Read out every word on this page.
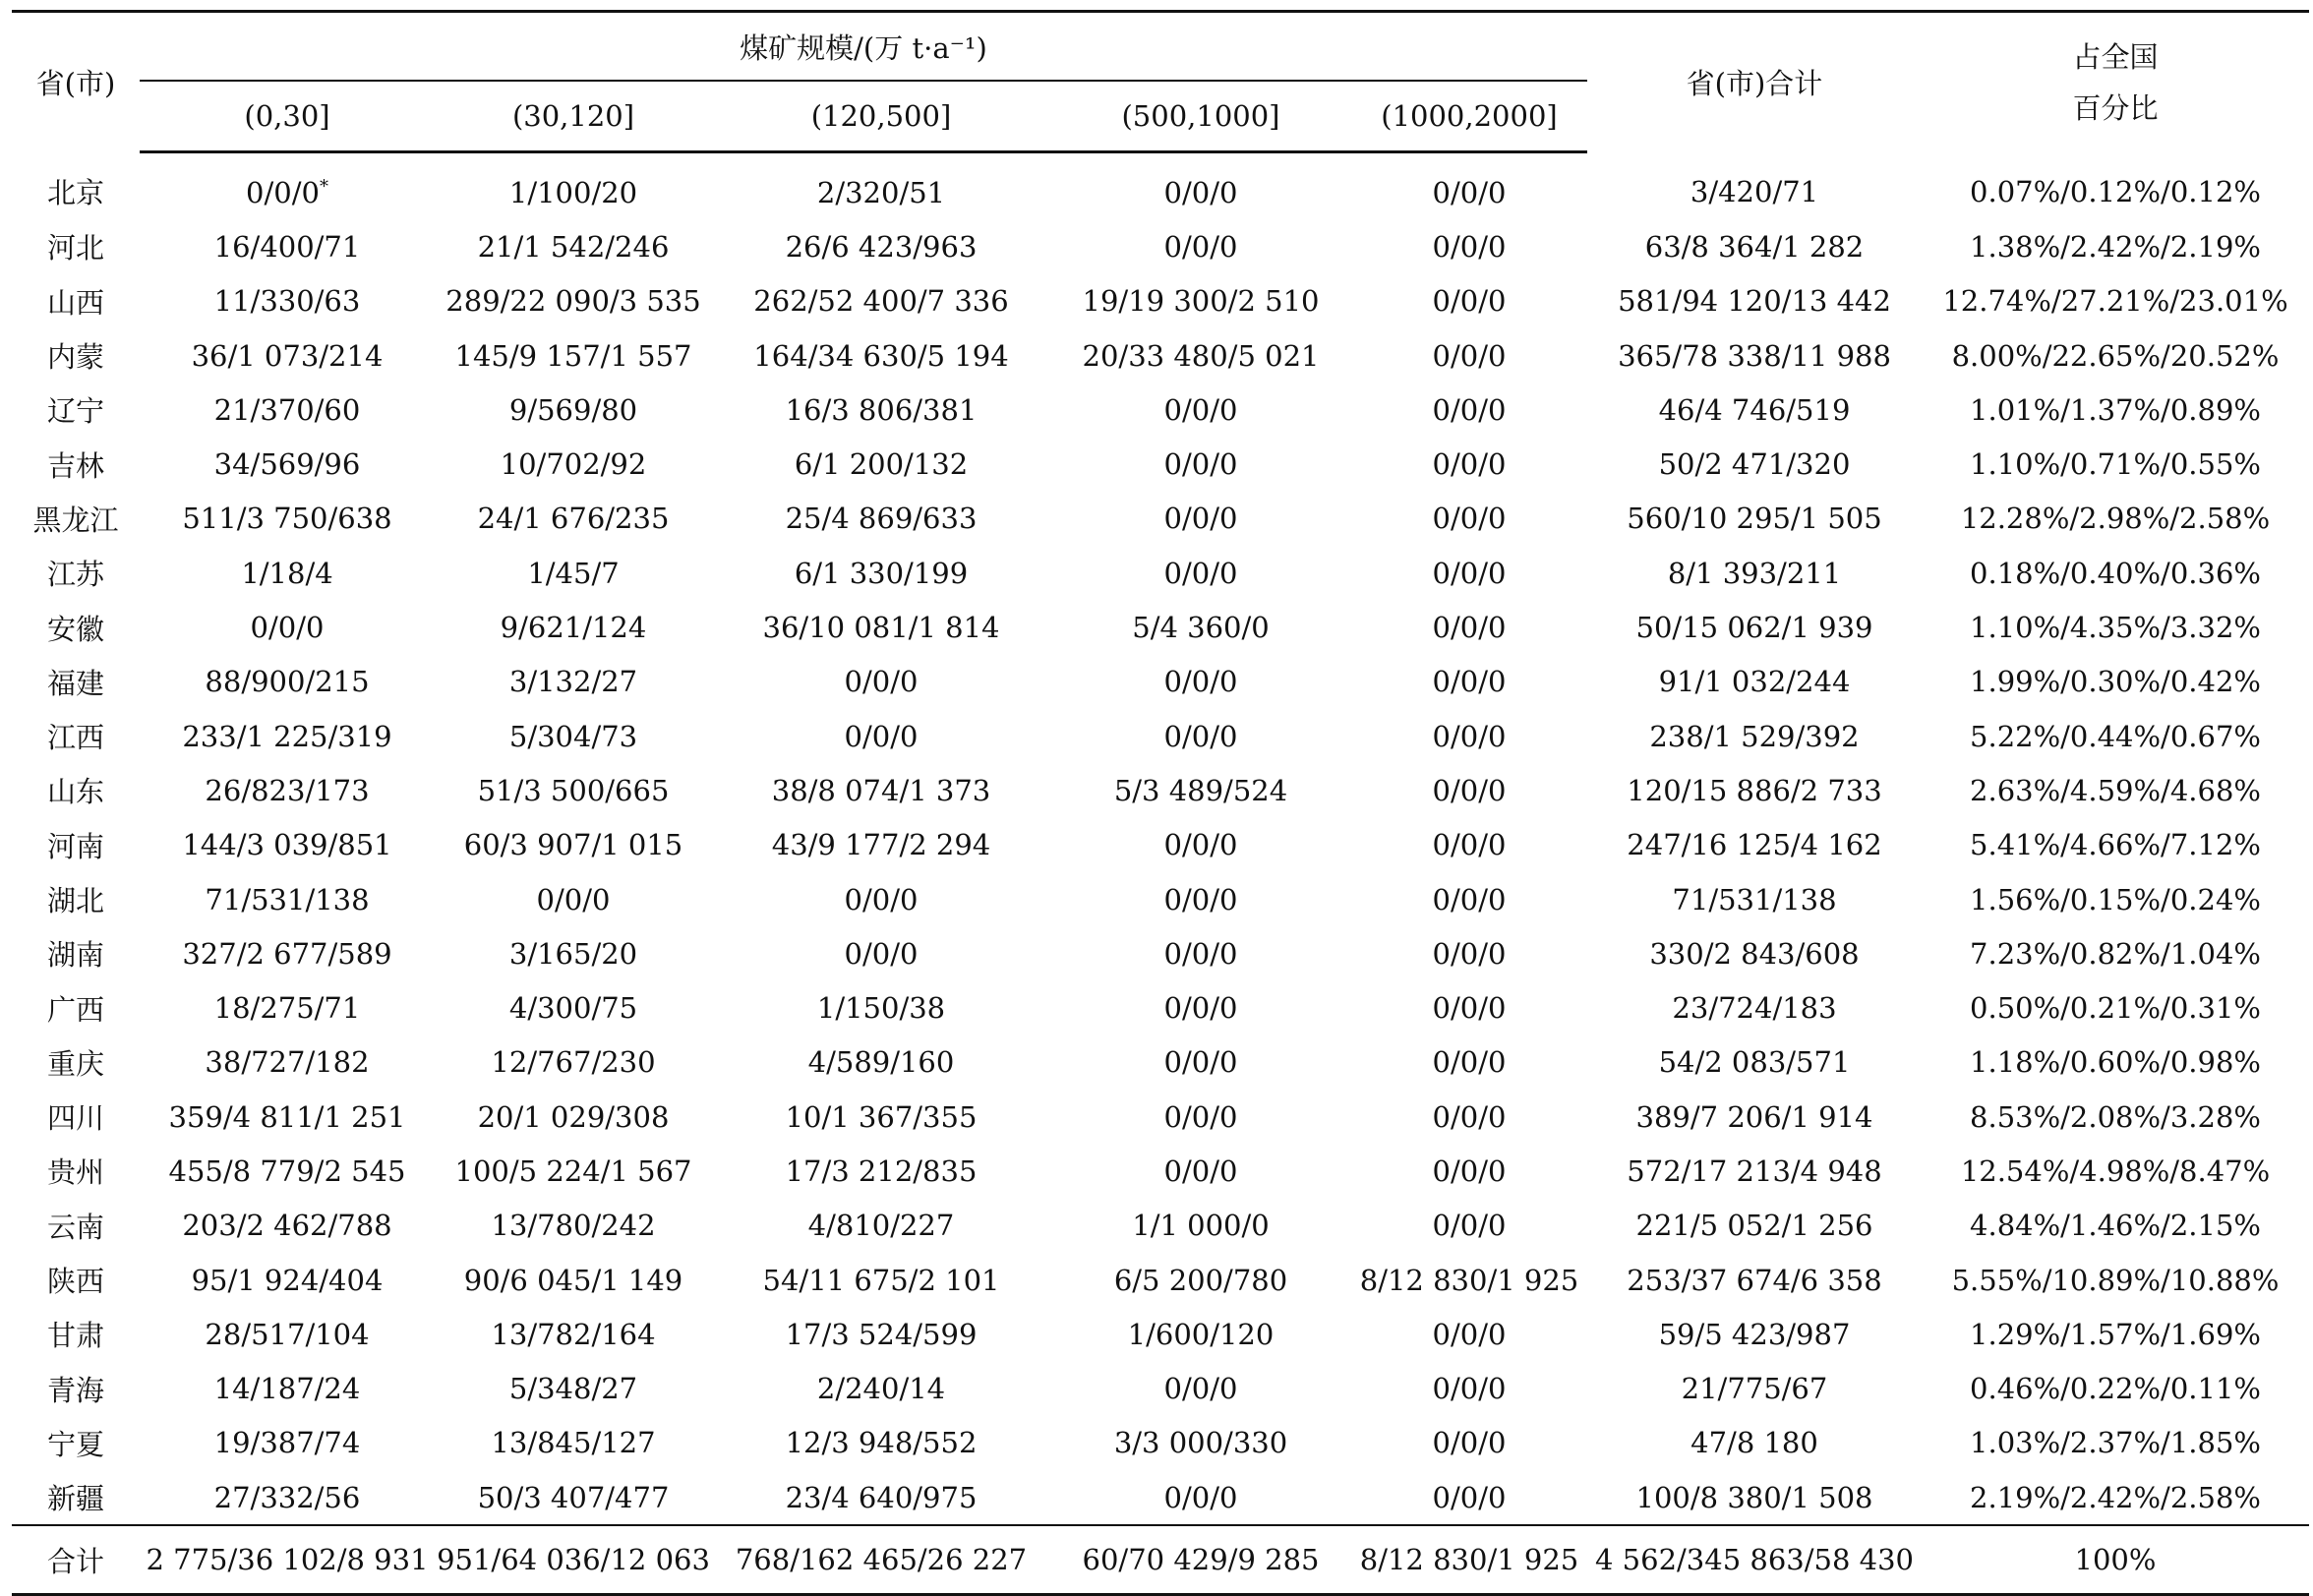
省(市)	煤矿规模/(万 t·a⁻¹)					省(市)合计	占全国
百分比

	(0,30]	(30,120]	(120,500]	(500,1000]	(1000,2000]		
北京	0/0/0*	1/100/20	2/320/51	0/0/0	0/0/0	3/420/71	0.07%/0.12%/0.12%
河北	16/400/71	21/1 542/246	26/6 423/963	0/0/0	0/0/0	63/8 364/1 282	1.38%/2.42%/2.19%
山西	11/330/63	289/22 090/3 535	262/52 400/7 336	19/19 300/2 510	0/0/0	581/94 120/13 442	12.74%/27.21%/23.01%
内蒙	36/1 073/214	145/9 157/1 557	164/34 630/5 194	20/33 480/5 021	0/0/0	365/78 338/11 988	8.00%/22.65%/20.52%
辽宁	21/370/60	9/569/80	16/3 806/381	0/0/0	0/0/0	46/4 746/519	1.01%/1.37%/0.89%
吉林	34/569/96	10/702/92	6/1 200/132	0/0/0	0/0/0	50/2 471/320	1.10%/0.71%/0.55%
黑龙江	511/3 750/638	24/1 676/235	25/4 869/633	0/0/0	0/0/0	560/10 295/1 505	12.28%/2.98%/2.58%
江苏	1/18/4	1/45/7	6/1 330/199	0/0/0	0/0/0	8/1 393/211	0.18%/0.40%/0.36%
安徽	0/0/0	9/621/124	36/10 081/1 814	5/4 360/0	0/0/0	50/15 062/1 939	1.10%/4.35%/3.32%
福建	88/900/215	3/132/27	0/0/0	0/0/0	0/0/0	91/1 032/244	1.99%/0.30%/0.42%
江西	233/1 225/319	5/304/73	0/0/0	0/0/0	0/0/0	238/1 529/392	5.22%/0.44%/0.67%
山东	26/823/173	51/3 500/665	38/8 074/1 373	5/3 489/524	0/0/0	120/15 886/2 733	2.63%/4.59%/4.68%
河南	144/3 039/851	60/3 907/1 015	43/9 177/2 294	0/0/0	0/0/0	247/16 125/4 162	5.41%/4.66%/7.12%
湖北	71/531/138	0/0/0	0/0/0	0/0/0	0/0/0	71/531/138	1.56%/0.15%/0.24%
湖南	327/2 677/589	3/165/20	0/0/0	0/0/0	0/0/0	330/2 843/608	7.23%/0.82%/1.04%
广西	18/275/71	4/300/75	1/150/38	0/0/0	0/0/0	23/724/183	0.50%/0.21%/0.31%
重庆	38/727/182	12/767/230	4/589/160	0/0/0	0/0/0	54/2 083/571	1.18%/0.60%/0.98%
四川	359/4 811/1 251	20/1 029/308	10/1 367/355	0/0/0	0/0/0	389/7 206/1 914	8.53%/2.08%/3.28%
贵州	455/8 779/2 545	100/5 224/1 567	17/3 212/835	0/0/0	0/0/0	572/17 213/4 948	12.54%/4.98%/8.47%
云南	203/2 462/788	13/780/242	4/810/227	1/1 000/0	0/0/0	221/5 052/1 256	4.84%/1.46%/2.15%
陕西	95/1 924/404	90/6 045/1 149	54/11 675/2 101	6/5 200/780	8/12 830/1 925	253/37 674/6 358	5.55%/10.89%/10.88%
甘肃	28/517/104	13/782/164	17/3 524/599	1/600/120	0/0/0	59/5 423/987	1.29%/1.57%/1.69%
青海	14/187/24	5/348/27	2/240/14	0/0/0	0/0/0	21/775/67	0.46%/0.22%/0.11%
宁夏	19/387/74	13/845/127	12/3 948/552	3/3 000/330	0/0/0	47/8 180	1.03%/2.37%/1.85%
新疆	27/332/56	50/3 407/477	23/4 640/975	0/0/0	0/0/0	100/8 380/1 508	2.19%/2.42%/2.58%
合计	2 775/36 102/8 931	951/64 036/12 063	768/162 465/26 227	60/70 429/9 285	8/12 830/1 925	4 562/345 863/58 430	100%
